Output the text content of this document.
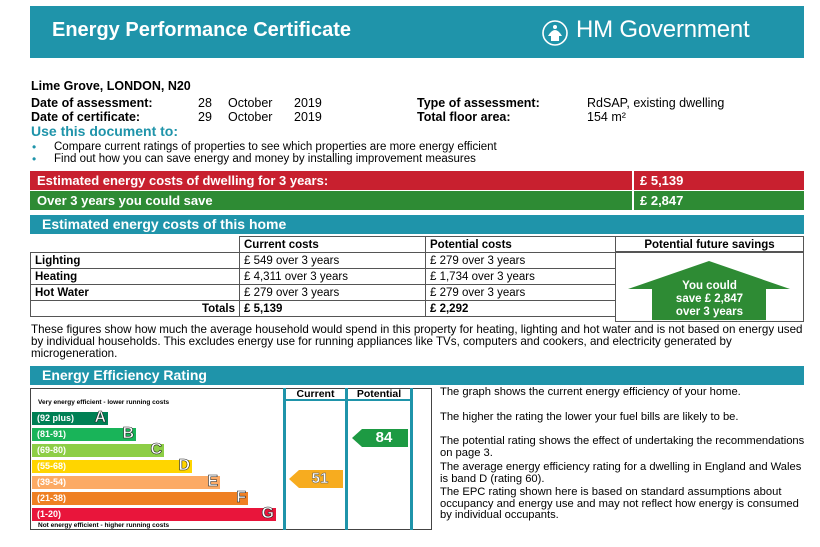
Energy Performance Certificate	HM Government
Lime Grove, LONDON, N20
Date of assessment:	28 October 2019
Date of certificate:	29 October 2019
Type of assessment:	RdSAP, existing dwelling
Total floor area:	154 m²
Use this document to:
• Compare current ratings of properties to see which properties are more energy efficient
• Find out how you can save energy and money by installing improvement measures
Estimated energy costs of dwelling for 3 years:	£ 5,139
Over 3 years you could save	£ 2,847
Estimated energy costs of this home
	Current costs	Potential costs
Lighting	£ 549 over 3 years	£ 279 over 3 years
Heating	£ 4,311 over 3 years	£ 1,734 over 3 years
Hot Water	£ 279 over 3 years	£ 279 over 3 years
Totals	£ 5,139	£ 2,292
Potential future savings
You could
save £ 2,847
over 3 years
These figures show how much the average household would spend in this property for heating, lighting and hot water and is not based on energy used by individual households. This excludes energy use for running appliances like TVs, computers and cookers, and electricity generated by microgeneration.
Energy Efficiency Rating
Current	Potential
Very energy efficient - lower running costs
(92 plus) A
(81-91)	B
(69-80)	C
(55-68)	D
(39-54)	E
(21-38)	F
(1-20)	G
Not energy efficient - higher running costs
51
84
The graph shows the current energy efficiency of your home.
The higher the rating the lower your fuel bills are likely to be.
The potential rating shows the effect of undertaking the recommendations on page 3.
The average energy efficiency rating for a dwelling in England and Wales is band D (rating 60).
The EPC rating shown here is based on standard assumptions about occupancy and energy use and may not reflect how energy is consumed by individual occupants.
